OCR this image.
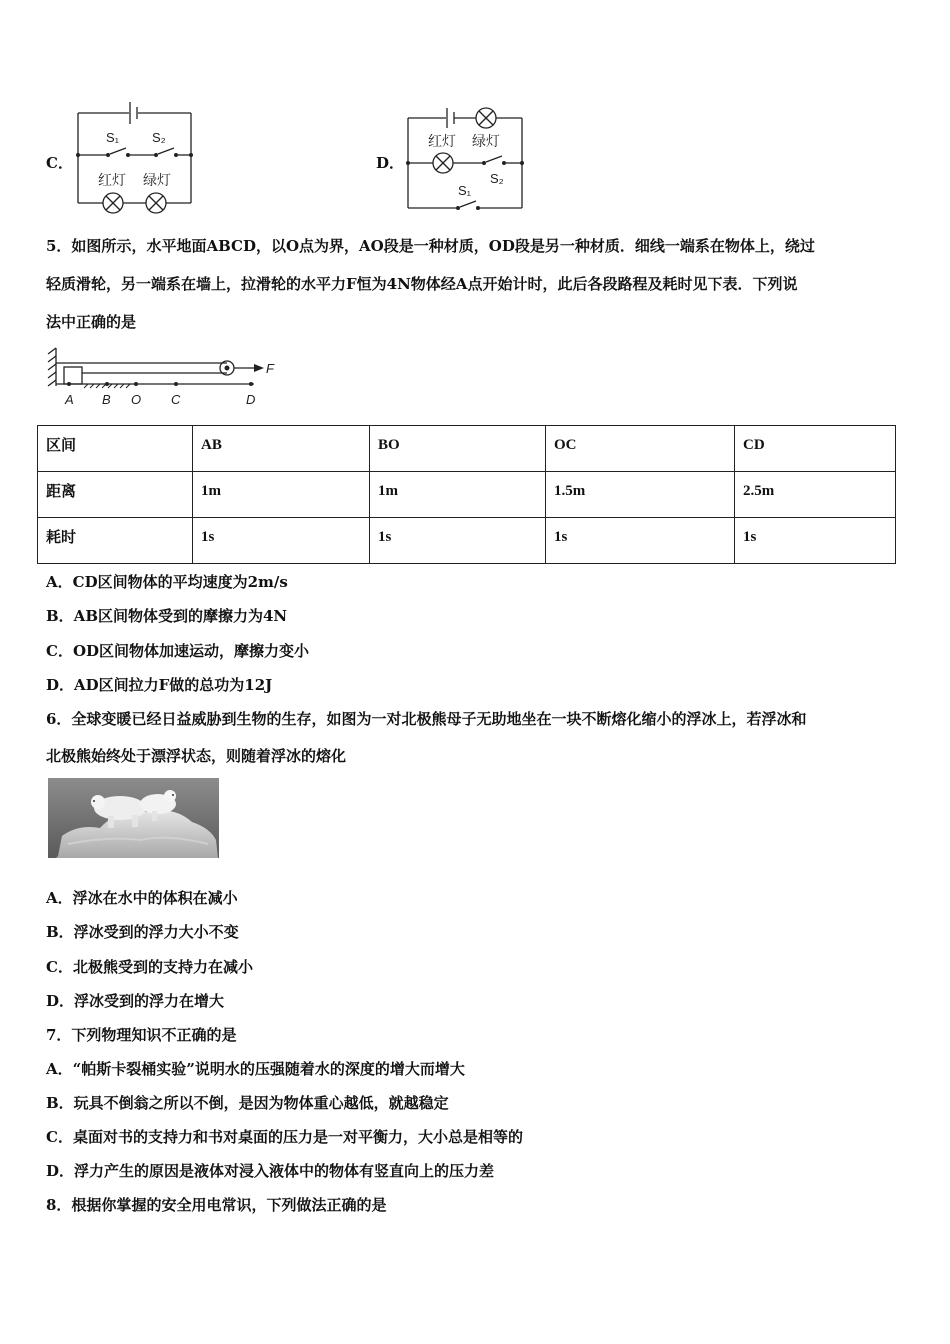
C．
S₁	S₂
红灯 绿灯
D．
红灯 绿灯
S₂
S₁
5．如图所示，水平地面ABCD，以O点为界，AO段是一种材质，OD段是另一种材质．细线一端系在物体上，绕过
轻质滑轮，另一端系在墙上，拉滑轮的水平力F恒为4N物体经A点开始计时，此后各段路程及耗时见下表．下列说
法中正确的是
A B O C	D
F
区间	AB	BO	OC	CD
距离	1m	1m	1.5m	2.5m
耗时	1s	1s	1s	1s
A．CD区间物体的平均速度为2m/s
B．AB区间物体受到的摩擦力为4N
C．OD区间物体加速运动，摩擦力变小
D．AD区间拉力F做的总功为12J
6．全球变暖已经日益威胁到生物的生存，如图为一对北极熊母子无助地坐在一块不断熔化缩小的浮冰上，若浮冰和
北极熊始终处于漂浮状态，则随着浮冰的熔化
A．浮冰在水中的体积在减小
B．浮冰受到的浮力大小不变
C．北极熊受到的支持力在减小
D．浮冰受到的浮力在增大
7．下列物理知识不正确的是
A．“帕斯卡裂桶实验”说明水的压强随着水的深度的增大而增大
B．玩具不倒翁之所以不倒，是因为物体重心越低，就越稳定
C．桌面对书的支持力和书对桌面的压力是一对平衡力，大小总是相等的
D．浮力产生的原因是液体对浸入液体中的物体有竖直向上的压力差
8．根据你掌握的安全用电常识，下列做法正确的是
